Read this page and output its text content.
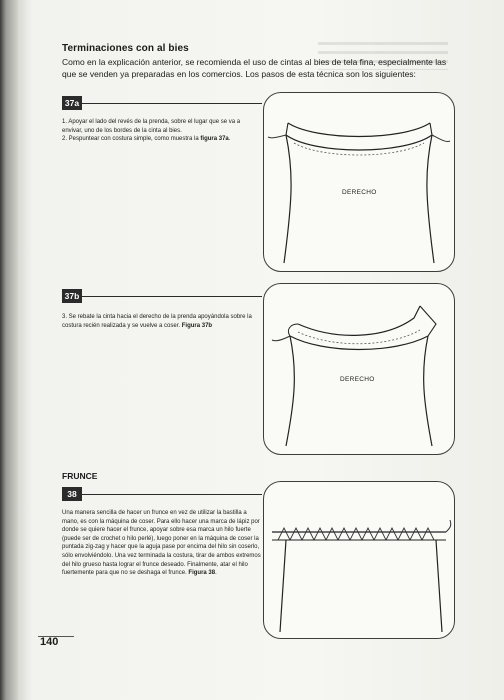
Terminaciones con al bies
Como en la explicación anterior, se recomienda el uso de cintas al bies de tela fina, especialmente las que se venden ya preparadas en los comercios. Los pasos de esta técnica son los siguientes:
37a
1. Apoyar el lado del revés de la prenda, sobre el lugar que se va a envivar, uno de los bordes de la cinta al bies.
2. Pespuntear con costura simple, como muestra la figura 37a.
DERECHO
37b
3. Se rebate la cinta hacia el derecho de la prenda apoyándola sobre la costura recién realizada y se vuelve a coser. Figura 37b
DERECHO
FRUNCE
38
Una manera sencilla de hacer un frunce en vez de utilizar la bastilla a mano, es con la máquina de coser. Para ello hacer una marca de lápiz por donde se quiere hacer el frunce, apoyar sobre esa marca un hilo fuerte (puede ser de crochet o hilo perlé), luego poner en la máquina de coser la puntada zig-zag y hacer que la aguja pase por encima del hilo sin coserlo, sólo envolviéndolo. Una vez terminada la costura, tirar de ambos extremos del hilo grueso hasta lograr el frunce deseado. Finalmente, atar el hilo fuertemente para que no se deshaga el frunce. Figura 38.
140
